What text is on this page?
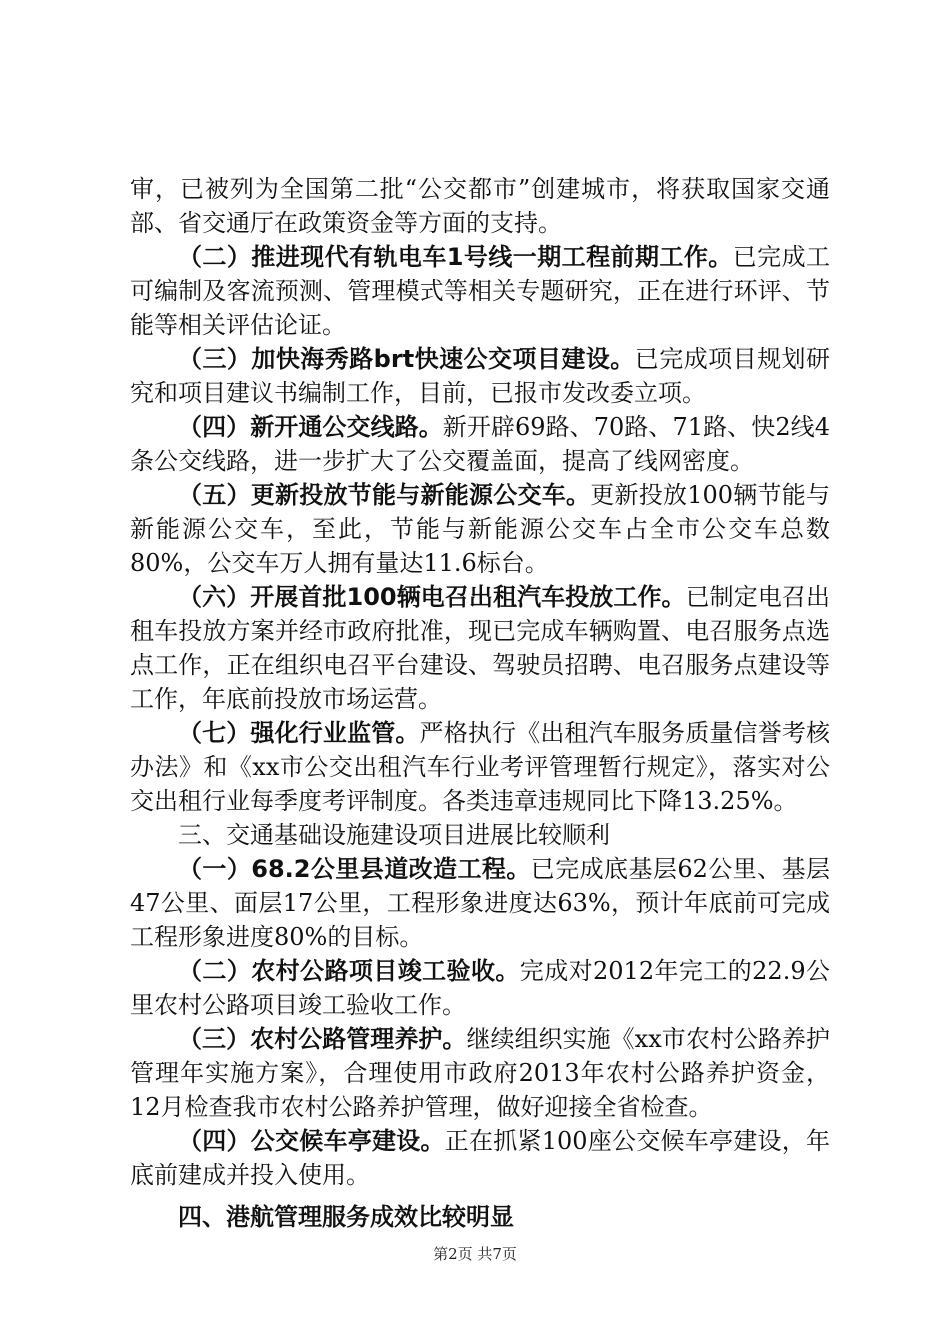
审，已被列为全国第二批“公交都市”创建城市，将获取国家交通部、省交通厅在政策资金等方面的支持。

（二）推进现代有轨电车1号线一期工程前期工作。已完成工可编制及客流预测、管理模式等相关专题研究，正在进行环评、节能等相关评估论证。

（三）加快海秀路brt快速公交项目建设。已完成项目规划研究和项目建议书编制工作，目前，已报市发改委立项。

（四）新开通公交线路。新开辟69路、70路、71路、快2线4条公交线路，进一步扩大了公交覆盖面，提高了线网密度。

（五）更新投放节能与新能源公交车。更新投放100辆节能与新能源公交车，至此，节能与新能源公交车占全市公交车总数80%，公交车万人拥有量达11.6标台。

（六）开展首批100辆电召出租汽车投放工作。已制定电召出租车投放方案并经市政府批准，现已完成车辆购置、电召服务点选点工作，正在组织电召平台建设、驾驶员招聘、电召服务点建设等工作，年底前投放市场运营。

（七）强化行业监管。严格执行《出租汽车服务质量信誉考核办法》和《xx市公交出租汽车行业考评管理暂行规定》，落实对公交出租行业每季度考评制度。各类违章违规同比下降13.25%。

三、交通基础设施建设项目进展比较顺利

（一）68.2公里县道改造工程。已完成底基层62公里、基层47公里、面层17公里，工程形象进度达63%，预计年底前可完成工程形象进度80%的目标。

（二）农村公路项目竣工验收。完成对2012年完工的22.9公里农村公路项目竣工验收工作。

（三）农村公路管理养护。继续组织实施《xx市农村公路养护管理年实施方案》，合理使用市政府2013年农村公路养护资金，12月检查我市农村公路养护管理，做好迎接全省检查。

（四）公交候车亭建设。正在抓紧100座公交候车亭建设，年底前建成并投入使用。

四、港航管理服务成效比较明显

第2页 共7页
